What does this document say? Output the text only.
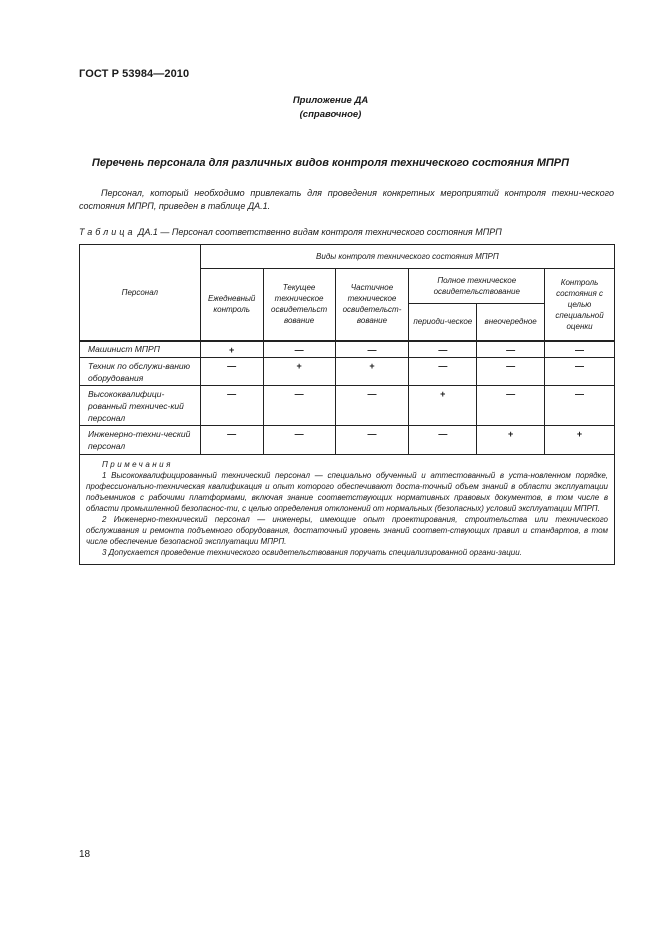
ГОСТ Р 53984—2010
Приложение ДА
(справочное)
Перечень персонала для различных видов контроля технического состояния МПРП
Персонал, который необходимо привлекать для проведения конкретных мероприятий контроля техни-ческого состояния МПРП, приведен в таблице ДА.1.
Таблица ДА.1 — Персонал соответственно видам контроля технического состояния МПРП
Персонал	Виды контроля технического состояния МПРП					
	Ежедневный контроль	Текущее техническое освидетельст вование	Частичное техническое освидетельст-вование	Полное техническое освидетельствование		Контроль состояния с целью специальной оценки
				периоди-ческое	внеочередное	
Машинист МПРП	+	—	—	—	—	—
Техник по обслужи-ванию оборудования	—	+	+	—	—	—
Высококвалифици-рованный техничес-кий персонал	—	—	—	+	—	—
Инженерно-техни-ческий персонал	—	—	—	—	+	+

Примечания
1 Высококвалифицированный технический персонал — специально обученный и аттестованный в уста-новленном порядке, профессионально-техническая квалификация и опыт которого обеспечивают доста-точный объем знаний в области эксплуатации подъемников с рабочими платформами, включая знание соответствующих нормативных правовых документов, в том числе в области промышленной безопаснос-ти, с целью определения отклонений от нормальных (безопасных) условий эксплуатации МПРП.
2 Инженерно-технический персонал — инженеры, имеющие опыт проектирования, строительства или технического обслуживания и ремонта подъемного оборудования, достаточный уровень знаний соответ-ствующих правил и стандартов, в том числе обеспечение безопасной эксплуатации МПРП.
3 Допускается проведение технического освидетельствования поручать специализированной органи-зации.						
18
